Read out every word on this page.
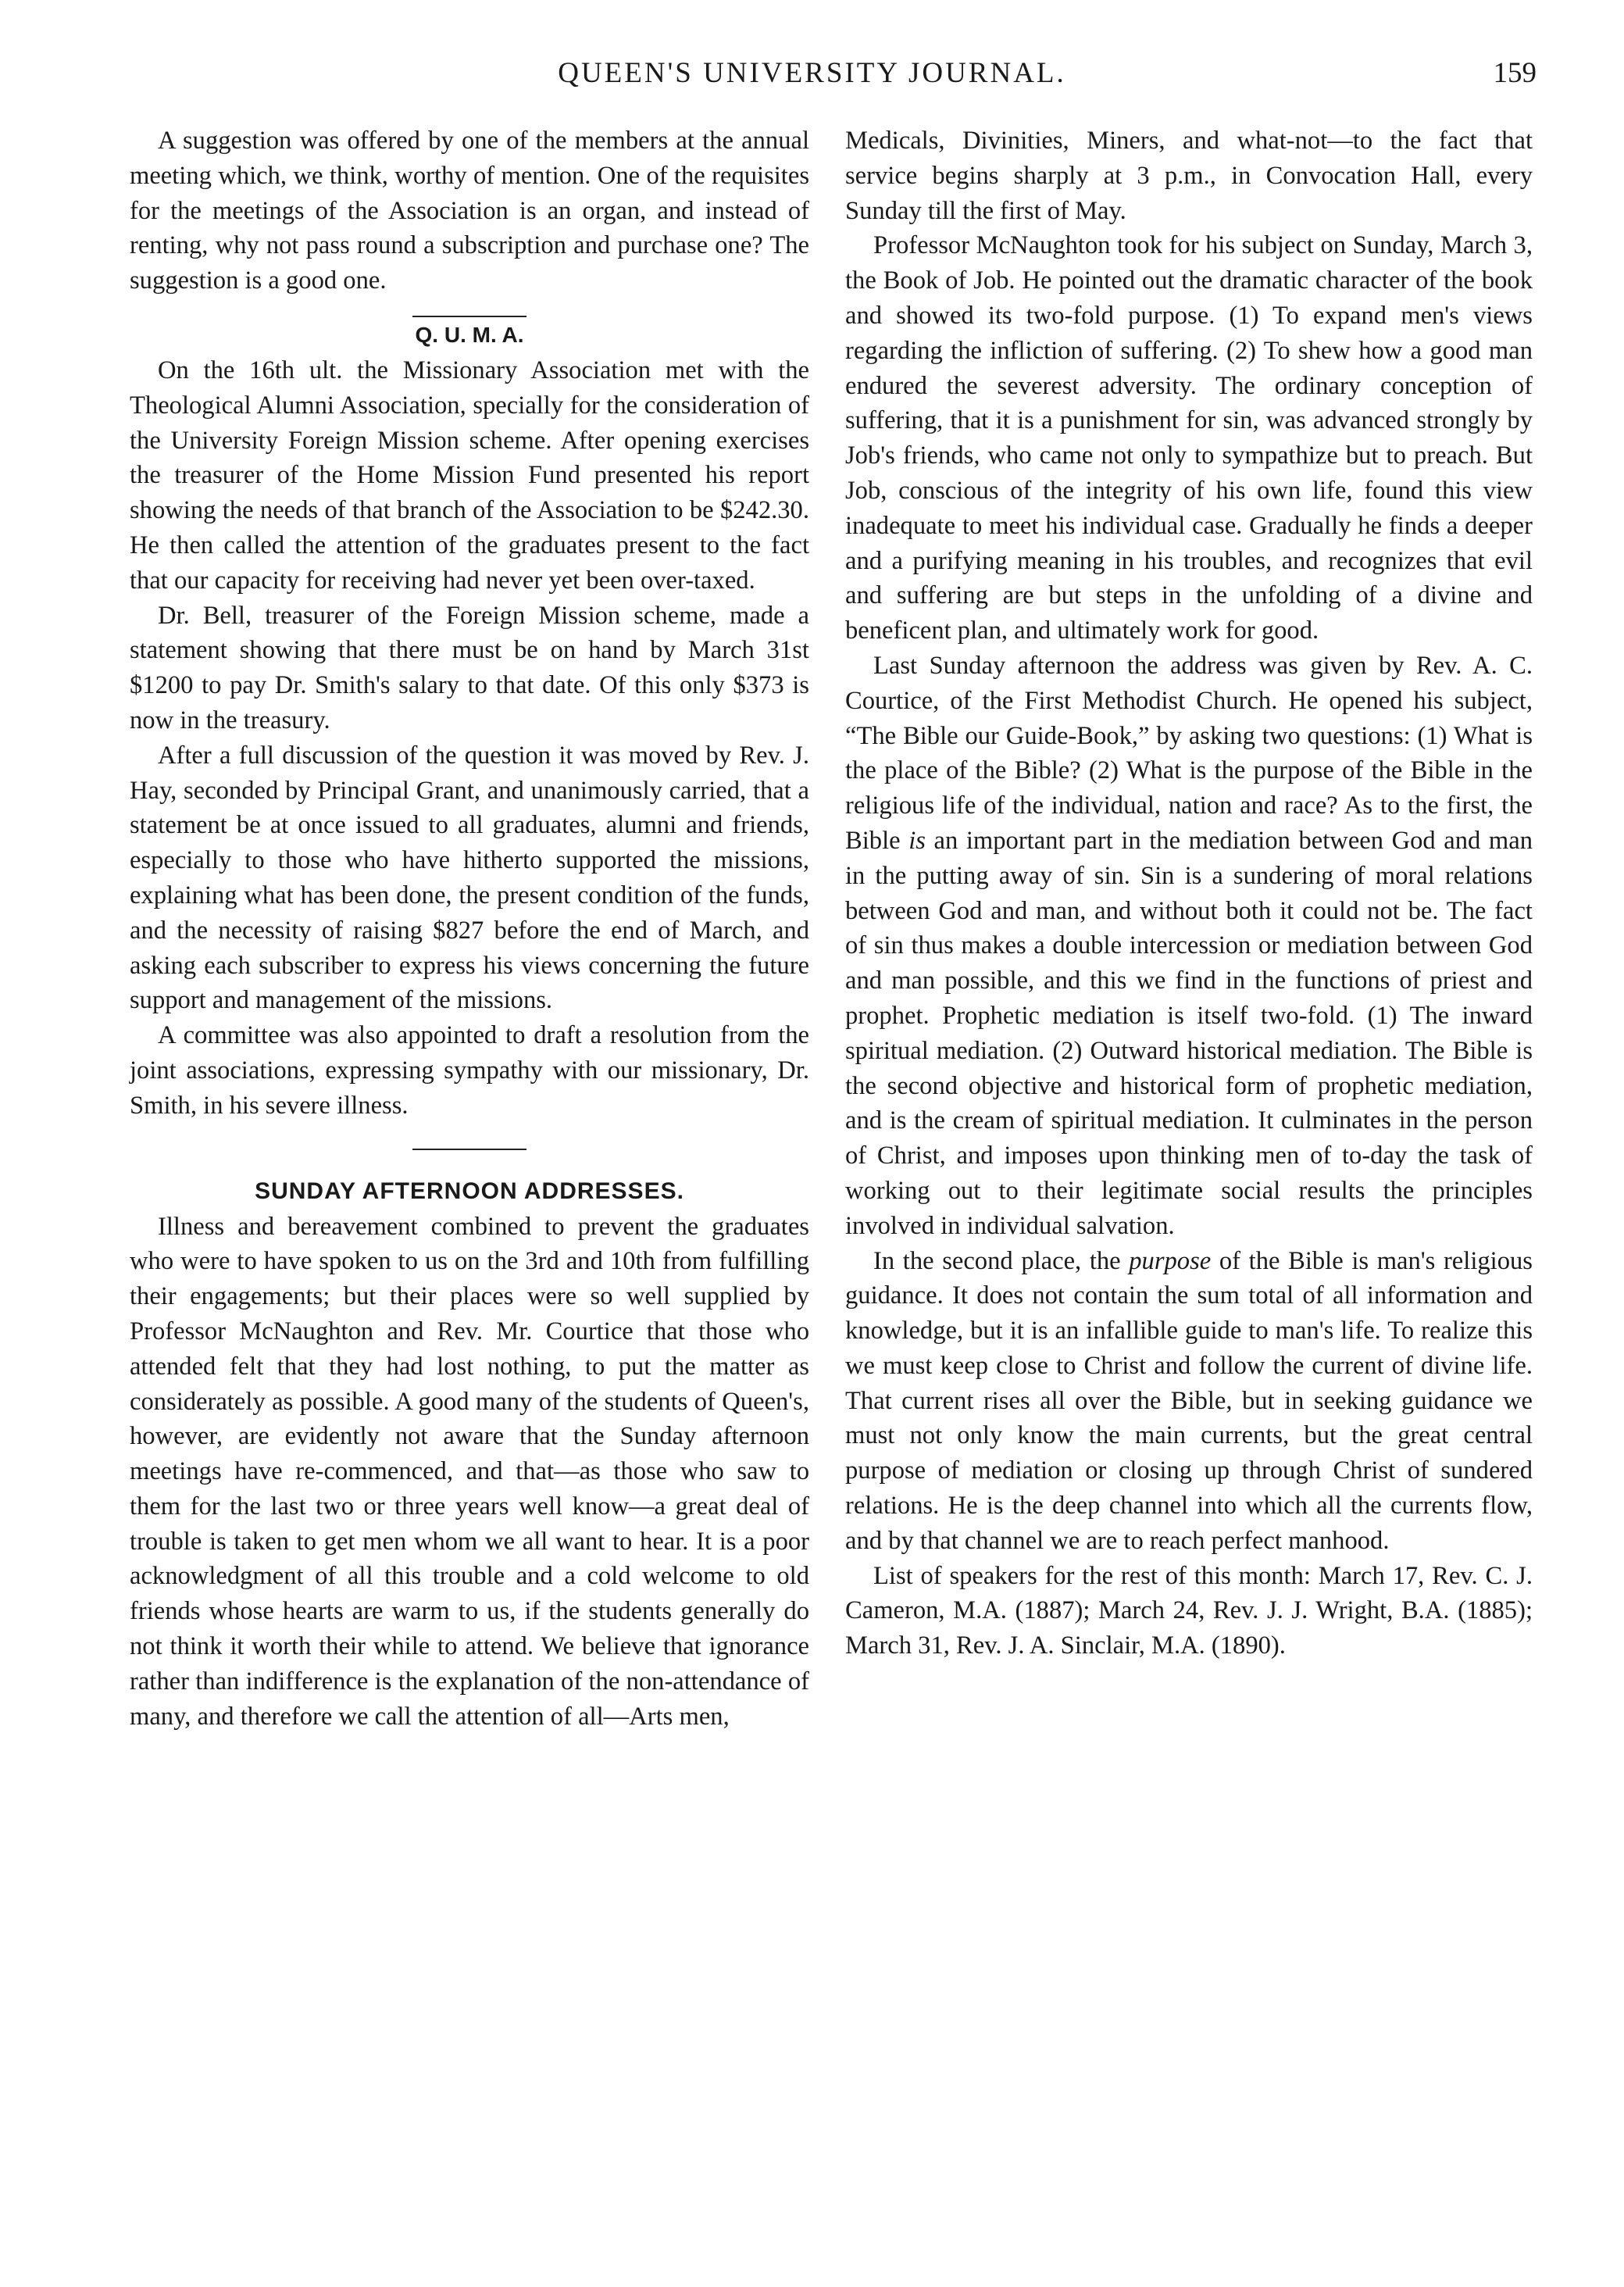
QUEEN'S UNIVERSITY JOURNAL.	159

A suggestion was offered by one of the members at the annual meeting which, we think, worthy of mention. One of the requisites for the meetings of the Association is an organ, and instead of renting, why not pass round a subscription and purchase one? The suggestion is a good one.

Q. U. M. A.

On the 16th ult. the Missionary Association met with the Theological Alumni Association, specially for the consideration of the University Foreign Mission scheme. After opening exercises the treasurer of the Home Mission Fund presented his report showing the needs of that branch of the Association to be $242.30. He then called the attention of the graduates present to the fact that our capacity for receiving had never yet been over-taxed.

Dr. Bell, treasurer of the Foreign Mission scheme, made a statement showing that there must be on hand by March 31st $1200 to pay Dr. Smith's salary to that date. Of this only $373 is now in the treasury.

After a full discussion of the question it was moved by Rev. J. Hay, seconded by Principal Grant, and unanimously carried, that a statement be at once issued to all graduates, alumni and friends, especially to those who have hitherto supported the missions, explaining what has been done, the present condition of the funds, and the necessity of raising $827 before the end of March, and asking each subscriber to express his views concerning the future support and management of the missions.

A committee was also appointed to draft a resolution from the joint associations, expressing sympathy with our missionary, Dr. Smith, in his severe illness.

SUNDAY AFTERNOON ADDRESSES.

Illness and bereavement combined to prevent the graduates who were to have spoken to us on the 3rd and 10th from fulfilling their engagements; but their places were so well supplied by Professor McNaughton and Rev. Mr. Courtice that those who attended felt that they had lost nothing, to put the matter as considerately as possible. A good many of the students of Queen's, however, are evidently not aware that the Sunday afternoon meetings have re-commenced, and that—as those who saw to them for the last two or three years well know—a great deal of trouble is taken to get men whom we all want to hear. It is a poor acknowledgment of all this trouble and a cold welcome to old friends whose hearts are warm to us, if the students generally do not think it worth their while to attend. We believe that ignorance rather than indifference is the explanation of the non-attendance of many, and therefore we call the attention of all—Arts men,

Medicals, Divinities, Miners, and what-not—to the fact that service begins sharply at 3 p.m., in Convocation Hall, every Sunday till the first of May.

Professor McNaughton took for his subject on Sunday, March 3, the Book of Job. He pointed out the dramatic character of the book and showed its two-fold purpose. (1) To expand men's views regarding the infliction of suffering. (2) To shew how a good man endured the severest adversity. The ordinary conception of suffering, that it is a punishment for sin, was advanced strongly by Job's friends, who came not only to sympathize but to preach. But Job, conscious of the integrity of his own life, found this view inadequate to meet his individual case. Gradually he finds a deeper and a purifying meaning in his troubles, and recognizes that evil and suffering are but steps in the unfolding of a divine and beneficent plan, and ultimately work for good.

Last Sunday afternoon the address was given by Rev. A. C. Courtice, of the First Methodist Church. He opened his subject, “The Bible our Guide-Book,” by asking two questions: (1) What is the place of the Bible? (2) What is the purpose of the Bible in the religious life of the individual, nation and race? As to the first, the Bible is an important part in the mediation between God and man in the putting away of sin. Sin is a sundering of moral relations between God and man, and without both it could not be. The fact of sin thus makes a double intercession or mediation between God and man possible, and this we find in the functions of priest and prophet. Prophetic mediation is itself two-fold. (1) The inward spiritual mediation. (2) Outward historical mediation. The Bible is the second objective and historical form of prophetic mediation, and is the cream of spiritual mediation. It culminates in the person of Christ, and imposes upon thinking men of to-day the task of working out to their legitimate social results the principles involved in individual salvation.

In the second place, the purpose of the Bible is man's religious guidance. It does not contain the sum total of all information and knowledge, but it is an infallible guide to man's life. To realize this we must keep close to Christ and follow the current of divine life. That current rises all over the Bible, but in seeking guidance we must not only know the main currents, but the great central purpose of mediation or closing up through Christ of sundered relations. He is the deep channel into which all the currents flow, and by that channel we are to reach perfect manhood.

List of speakers for the rest of this month: March 17, Rev. C. J. Cameron, M.A. (1887); March 24, Rev. J. J. Wright, B.A. (1885); March 31, Rev. J. A. Sinclair, M.A. (1890).
